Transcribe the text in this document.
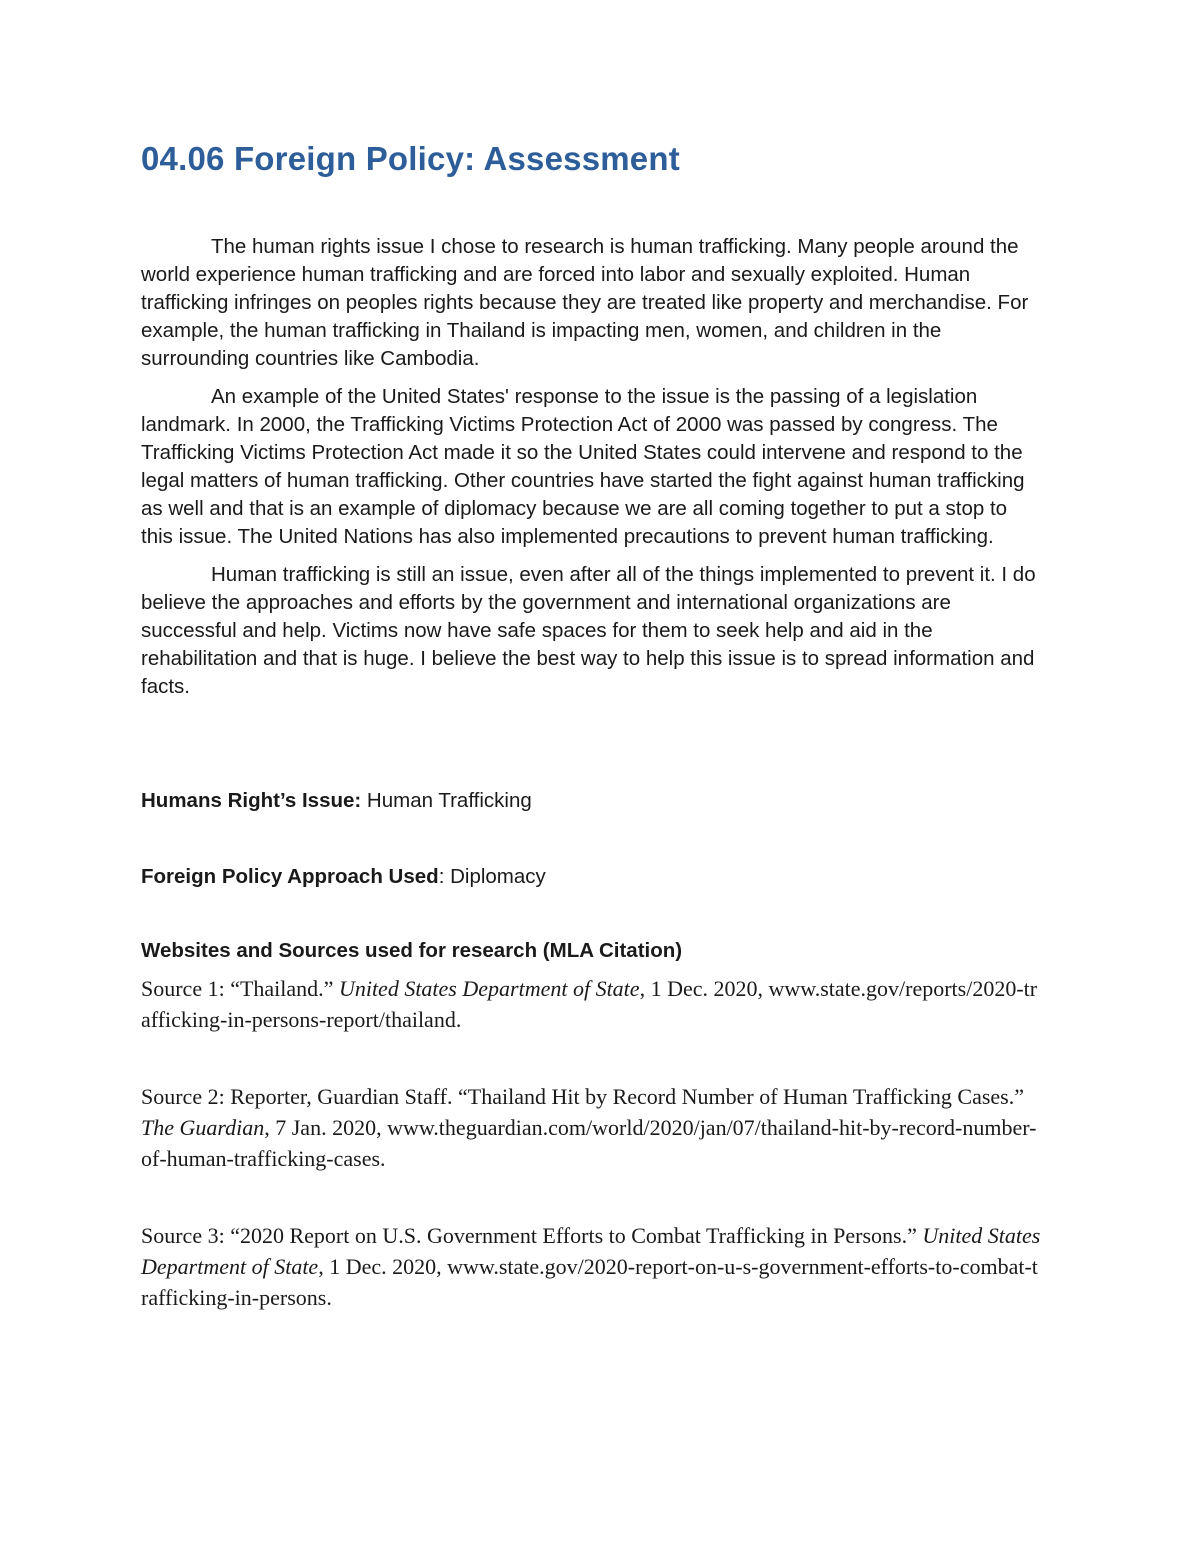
04.06 Foreign Policy: Assessment

The human rights issue I chose to research is human trafficking. Many people around the world experience human trafficking and are forced into labor and sexually exploited. Human trafficking infringes on peoples rights because they are treated like property and merchandise. For example, the human trafficking in Thailand is impacting men, women, and children in the surrounding countries like Cambodia.

An example of the United States' response to the issue is the passing of a legislation landmark. In 2000, the Trafficking Victims Protection Act of 2000 was passed by congress. The Trafficking Victims Protection Act made it so the United States could intervene and respond to the legal matters of human trafficking. Other countries have started the fight against human trafficking as well and that is an example of diplomacy because we are all coming together to put a stop to this issue. The United Nations has also implemented precautions to prevent human trafficking.

Human trafficking is still an issue, even after all of the things implemented to prevent it. I do believe the approaches and efforts by the government and international organizations are successful and help. Victims now have safe spaces for them to seek help and aid in the rehabilitation and that is huge. I believe the best way to help this issue is to spread information and facts.

Humans Right’s Issue: Human Trafficking

Foreign Policy Approach Used: Diplomacy

Websites and Sources used for research (MLA Citation)

Source 1: “Thailand.” United States Department of State, 1 Dec. 2020, www.state.gov/reports/2020-trafficking-in-persons-report/thailand.

Source 2: Reporter, Guardian Staff. “Thailand Hit by Record Number of Human Trafficking Cases.” The Guardian, 7 Jan. 2020, www.theguardian.com/world/2020/jan/07/thailand-hit-by-record-number-of-human-trafficking-cases.

Source 3: “2020 Report on U.S. Government Efforts to Combat Trafficking in Persons.” United States Department of State, 1 Dec. 2020, www.state.gov/2020-report-on-u-s-government-efforts-to-combat-trafficking-in-persons.
